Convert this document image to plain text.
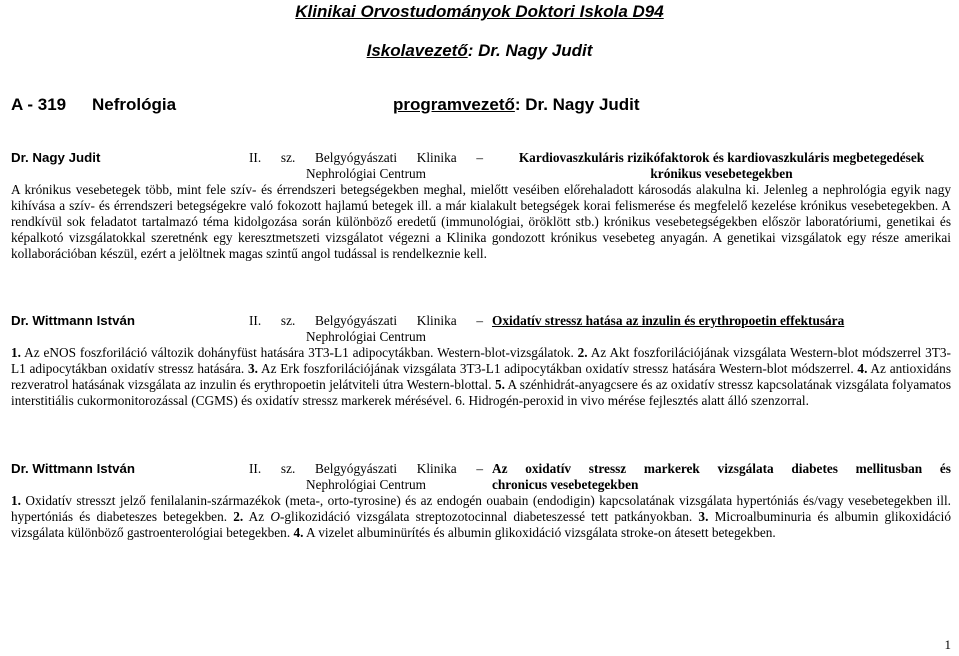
Klinikai Orvostudományok Doktori Iskola D94
Iskolavezető: Dr. Nagy Judit
A - 319 Nefrológia	programvezető: Dr. Nagy Judit
Dr. Nagy Judit	II. sz. Belgyógyászati Klinika –
Nephrológiai Centrum
Kardiovaszkuláris rizikófaktorok és kardiovaszkuláris megbetegedések
krónikus vesebetegekben

A krónikus vesebetegek több, mint fele szív- és érrendszeri betegségekben meghal, mielőtt veséiben előrehaladott károsodás alakulna ki. Jelenleg a nephrológia egyik nagy kihívása a szív- és érrendszeri betegségekre való fokozott hajlamú betegek ill. a már kialakult betegségek korai felismerése és megfelelő kezelése krónikus vesebetegekben. A rendkívül sok feladatot tartalmazó téma kidolgozása során különböző eredetű (immunológiai, öröklött stb.) krónikus vesebetegségekben először laboratóriumi, genetikai és képalkotó vizsgálatokkal szeretnénk egy keresztmetszeti vizsgálatot végezni a Klinika gondozott krónikus vesebeteg anyagán. A genetikai vizsgálatok egy része amerikai kollaborációban készül, ezért a jelöltnek magas szintű angol tudással is rendelkeznie kell.

Dr. Wittmann István	II. sz. Belgyógyászati Klinika –
Nephrológiai Centrum
Oxidatív stressz hatása az inzulin és erythropoetin effektusára

1. Az eNOS foszforiláció változik dohányfüst hatására 3T3-L1 adipocytákban. Western-blot-vizsgálatok. 2. Az Akt foszforilációjának vizsgálata Western-blot módszerrel 3T3-L1 adipocytákban oxidatív stressz hatására. 3. Az Erk foszforilációjának vizsgálata 3T3-L1 adipocytákban oxidatív stressz hatására Western-blot módszerrel. 4. Az antioxidáns rezveratrol hatásának vizsgálata az inzulin és erythropoetin jelátviteli útra Western-blottal. 5. A szénhidrát-anyagcsere és az oxidatív stressz kapcsolatának vizsgálata folyamatos interstitiális cukormonitorozással (CGMS) és oxidatív stressz markerek mérésével. 6. Hidrogén-peroxid in vivo mérése fejlesztés alatt álló szenzorral.

Dr. Wittmann István	II. sz. Belgyógyászati Klinika –
Nephrológiai Centrum
Az oxidatív stressz markerek vizsgálata diabetes mellitusban és
chronicus vesebetegekben

1. Oxidatív stresszt jelző fenilalanin-származékok (meta-, orto-tyrosine) és az endogén ouabain (endodigin) kapcsolatának vizsgálata hypertóniás és/vagy vesebetegekben ill. hypertóniás és diabeteszes betegekben. 2. Az O-glikozidáció vizsgálata streptozotocinnal diabeteszessé tett patkányokban. 3. Microalbuminuria és albumin glikoxidáció vizsgálata különböző gastroenterológiai betegekben. 4. A vizelet albuminürítés és albumin glikoxidáció vizsgálata stroke-on átesett betegekben.

1
